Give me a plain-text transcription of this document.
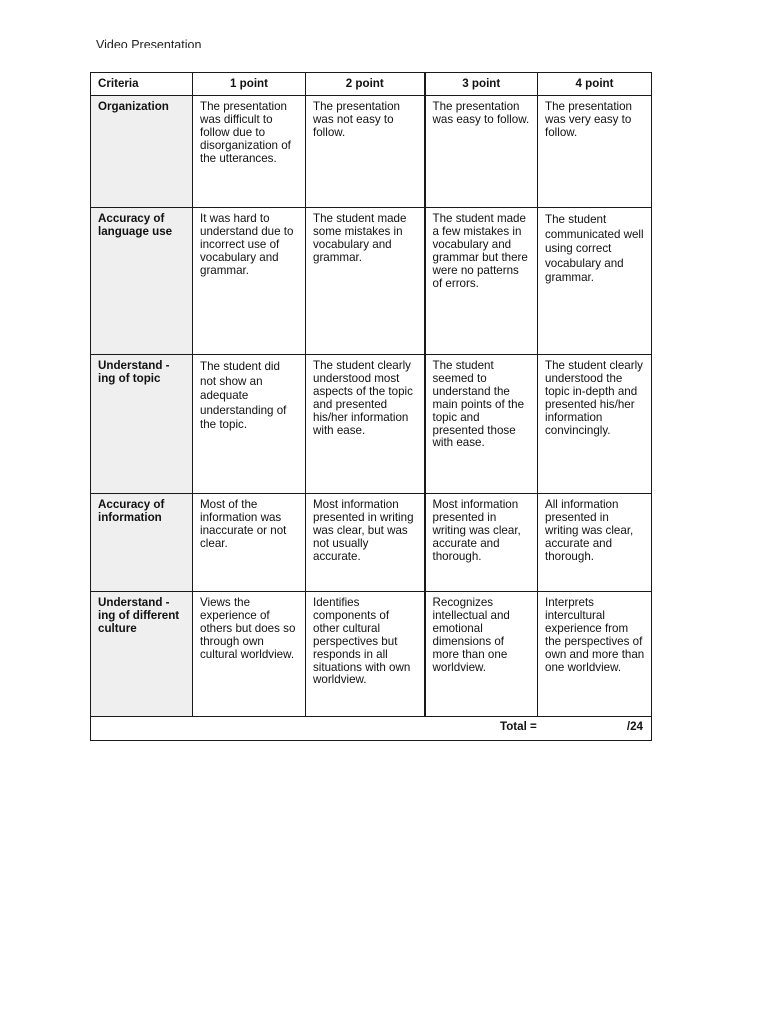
Video Presentation
Criteria	1 point	2 point	3 point	4 point
Organization	The presentation was difficult to follow due to disorganization of the utterances.	The presentation was not easy to follow.	The presentation was easy to follow.	The presentation was very easy to follow.
Accuracy of language use	It was hard to understand due to incorrect use of vocabulary and grammar.	The student made some mistakes in vocabulary and grammar.	The student made a few mistakes in vocabulary and grammar but there were no patterns of errors.	The student communicated well using correct vocabulary and grammar.
Understand -ing of topic	The student did not show an adequate understanding of the topic.	The student clearly understood most aspects of the topic and presented his/her information with ease.	The student seemed to understand the main points of the topic and presented those with ease.	The student clearly understood the topic in-depth and presented his/her information convincingly.
Accuracy of information	Most of the information was inaccurate or not clear.	Most information presented in writing was clear, but was not usually accurate.	Most information presented in writing was clear, accurate and thorough.	All information presented in writing was clear, accurate and thorough.
Understand -ing of different culture	Views the experience of others but does so through own cultural worldview.	Identifies components of other cultural perspectives but responds in all situations with own worldview.	Recognizes intellectual and emotional dimensions of more than one worldview.	Interprets intercultural experience from the perspectives of own and more than one worldview.

Total = /24				
